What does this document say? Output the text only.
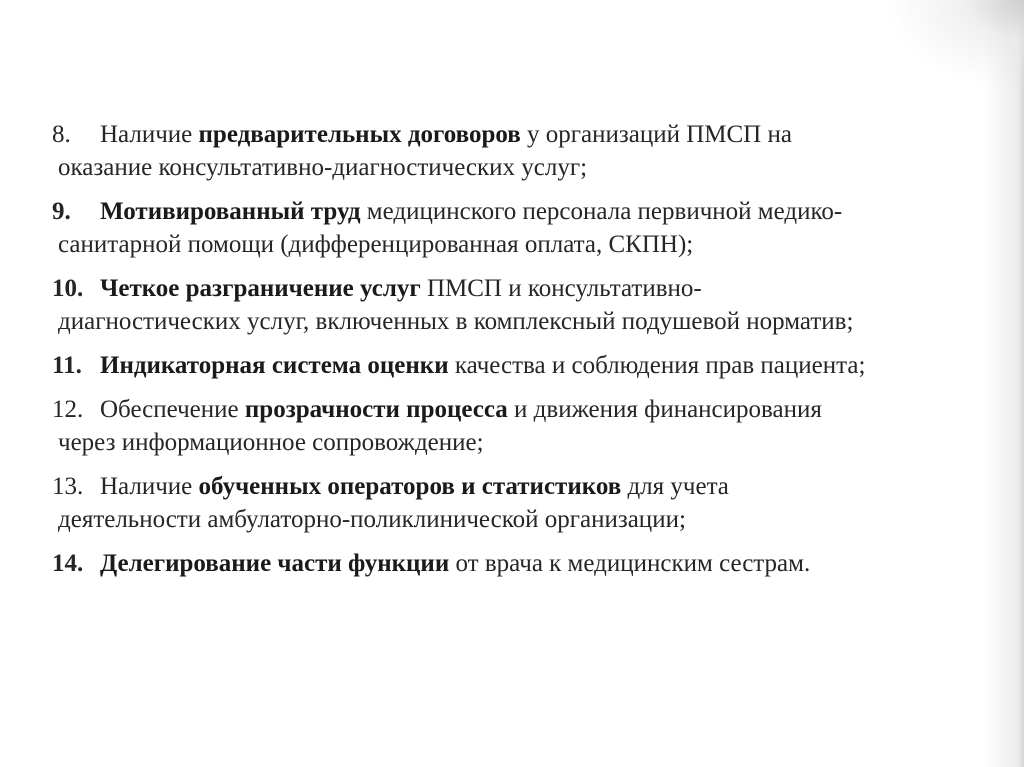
8. Наличие предварительных договоров у организаций ПМСП на
оказание консультативно-диагностических услуг;
9. Мотивированный труд медицинского персонала первичной медико-
санитарной помощи (дифференцированная оплата, СКПН);
10. Четкое разграничение услуг ПМСП и консультативно-
диагностических услуг, включенных в комплексный подушевой норматив;
11. Индикаторная система оценки качества и соблюдения прав пациента;
12. Обеспечение прозрачности процесса и движения финансирования
через информационное сопровождение;
13. Наличие обученных операторов и статистиков для учета
деятельности амбулаторно-поликлинической организации;
14. Делегирование части функции от врача к медицинским сестрам.
